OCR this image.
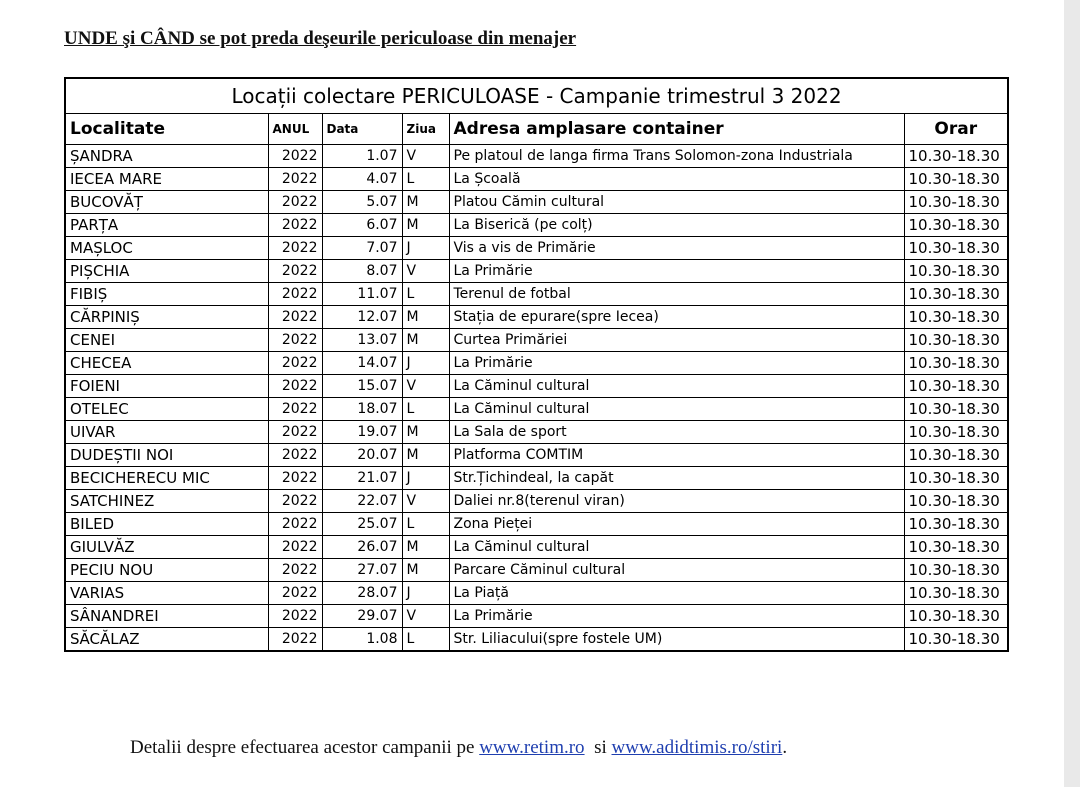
UNDE şi CÂND se pot preda deşeurile periculoase din menajer
Locații colectare PERICULOASE - Campanie trimestrul 3 2022					
Localitate	ANUL	Data	Ziua	Adresa amplasare container	Orar
ȘANDRA	2022	1.07	V	Pe platoul de langa firma Trans Solomon-zona Industriala	10.30-18.30
IECEA MARE	2022	4.07	L	La Școală	10.30-18.30
BUCOVĂȚ	2022	5.07	M	Platou Cămin cultural	10.30-18.30
PARȚA	2022	6.07	M	La Biserică (pe colț)	10.30-18.30
MAȘLOC	2022	7.07	J	Vis a vis de Primărie	10.30-18.30
PIȘCHIA	2022	8.07	V	La Primărie	10.30-18.30
FIBIȘ	2022	11.07	L	Terenul de fotbal	10.30-18.30
CĂRPINIȘ	2022	12.07	M	Stația de epurare(spre Iecea)	10.30-18.30
CENEI	2022	13.07	M	Curtea Primăriei	10.30-18.30
CHECEA	2022	14.07	J	La Primărie	10.30-18.30
FOIENI	2022	15.07	V	La Căminul cultural	10.30-18.30
OTELEC	2022	18.07	L	La Căminul cultural	10.30-18.30
UIVAR	2022	19.07	M	La Sala de sport	10.30-18.30
DUDEȘTII NOI	2022	20.07	M	Platforma COMTIM	10.30-18.30
BECICHERECU MIC	2022	21.07	J	Str.Țichindeal, la capăt	10.30-18.30
SATCHINEZ	2022	22.07	V	Daliei nr.8(terenul viran)	10.30-18.30
BILED	2022	25.07	L	Zona Pieței	10.30-18.30
GIULVĂZ	2022	26.07	M	La Căminul cultural	10.30-18.30
PECIU NOU	2022	27.07	M	Parcare Căminul cultural	10.30-18.30
VARIAS	2022	28.07	J	La Piață	10.30-18.30
SÂNANDREI	2022	29.07	V	La Primărie	10.30-18.30
SĂCĂLAZ	2022	1.08	L	Str. Liliacului(spre fostele UM)	10.30-18.30
Detalii despre efectuarea acestor campanii pe www.retim.ro  si www.adidtimis.ro/stiri.
